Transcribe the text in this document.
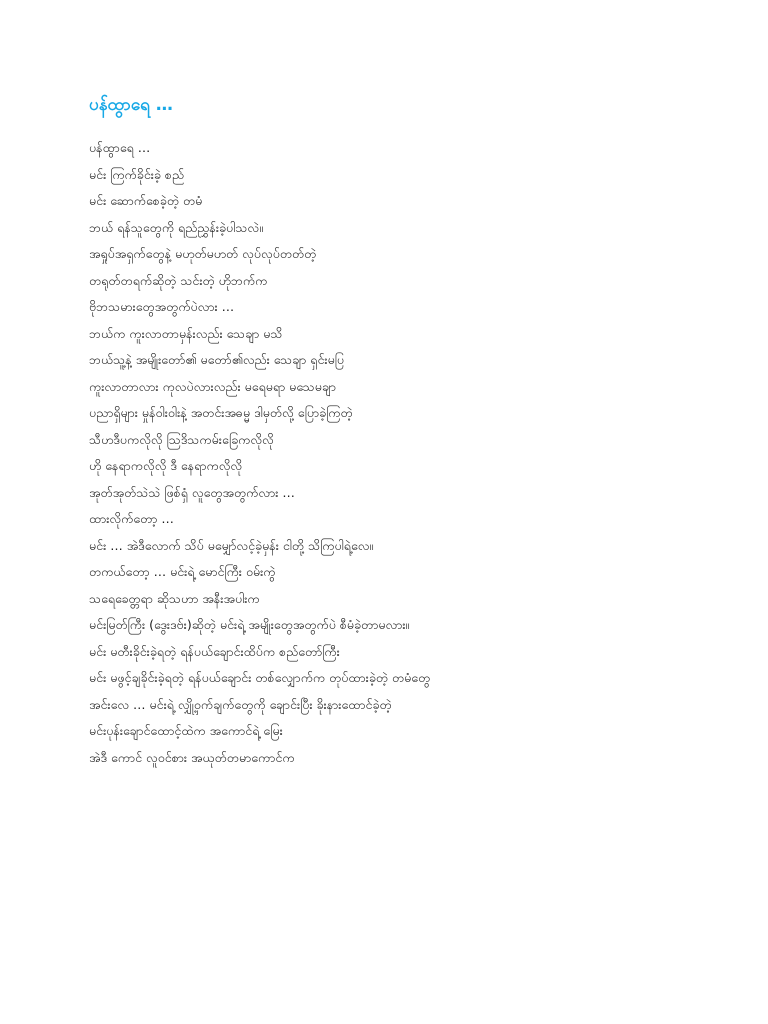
ပန်ထွာရေ …
ပန်ထွာရေ …
မင်း ကြက်ခိုင်းခဲ့ စည်
မင်း ဆောက်စေခဲ့တဲ့ တမံ
ဘယ် ရန်သူတွေကို ရည်ညွှန်းခဲ့ပါသလဲ။
အရှုပ်အရှက်တွေနဲ့ မဟုတ်မဟတ် လုပ်လုပ်တတ်တဲ့
တရုတ်တရက်ဆိုတဲ့ သင်းတဲ့ ဟိုဘက်က
ဗိုဘသမားတွေအတွက်ပဲလား …
ဘယ်က ကူးလာတာမှန်းလည်း သေချာ မသိ
ဘယ်သူ့နဲ့ အမျိုးတော်၏ မတော်၏လည်း သေချာ ရှင်းမပြ
ကူးလာတာလား ကုလပဲလားလည်း မရေမရာ မသေမချာ
ပညာရှိများ မှုန်ဝါးဝါးနဲ့ အတင်းအဓမ္မ ဒါမှတ်လို့ ပြောခဲ့ကြတဲ့
သီဟဒီပကလိုလို သြဒိသကမ်းခြေကလိုလို
ဟို နေရာကလိုလို ဒီ နေရာကလိုလို
အုတ်အုတ်သဲသဲ ဖြစ်ရှံ လူတွေအတွက်လား …
ထားလိုက်တော့ …
မင်း … အဲဒီလောက် သိပ် မမျှော်လင့်ခဲ့မှန်း ငါတို့ သိကြပါရဲ့လေ။
တကယ်တော့ … မင်းရဲ့ မောင်ကြီး ဝမ်းကွဲ
သရေခေတ္တရာ ဆိုသဟာ အနီးအပါးက
မင်းမြတ်ကြီး (ဒွေးဒဗ်း)ဆိုတဲ့ မင်းရဲ့ အမျိုးတွေအတွက်ပဲ စီမံခဲ့တာမလား။
မင်း မတီးခိုင်းခဲ့ရတဲ့ ရန်ပယ်ချောင်းထိပ်က စည်တော်ကြီး
မင်း မဖွင့်ချခိုင်းခဲ့ရတဲ့ ရန်ပယ်ချောင်း တစ်လျှောက်က တုပ်ထားခဲ့တဲ့ တမံတွေ
အင်းလေ … မင်းရဲ့ လျှို့ဝှက်ချက်တွေကို ချောင်းပြီး ခိုးနားထောင်ခဲ့တဲ့
မင်းပုန်းချောင်ထောင့်ထဲက အကောင်ရဲ့ မြေး
အဲဒီ ကောင် လူဝင်စား အယုတ်တမာကောင်က
